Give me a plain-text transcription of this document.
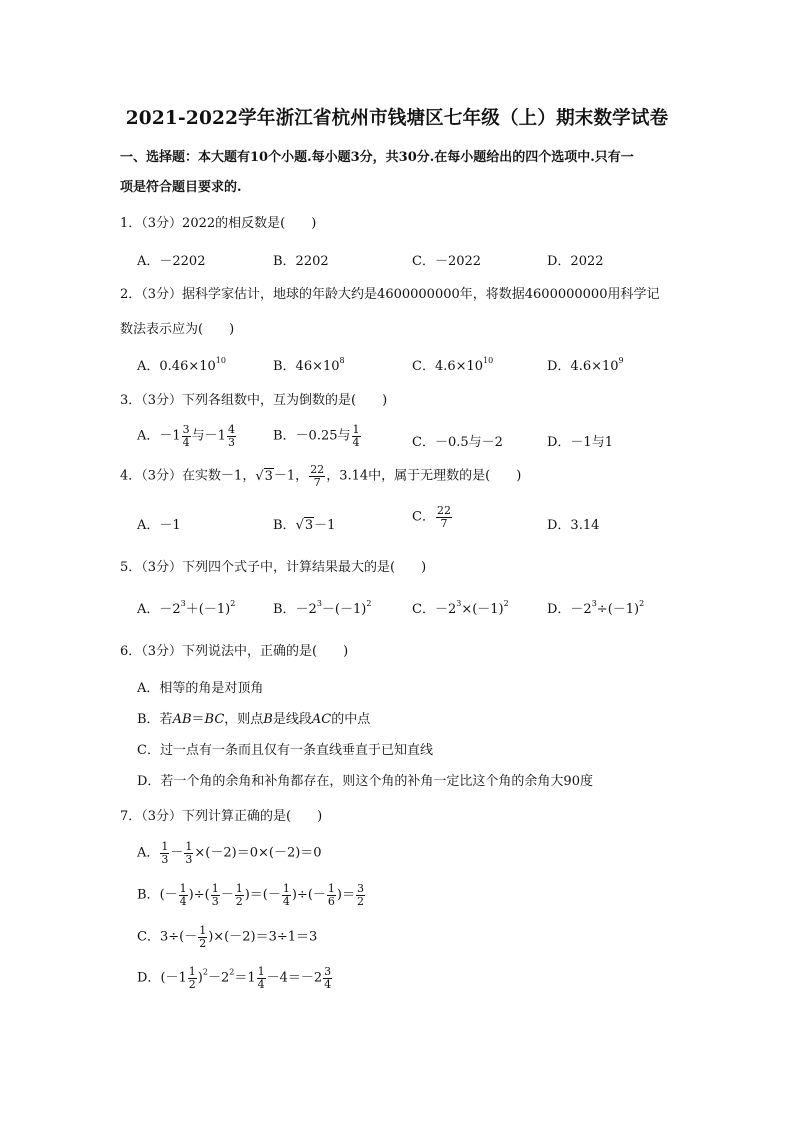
2021-2022学年浙江省杭州市钱塘区七年级（上）期末数学试卷
一、选择题：本大题有10个小题.每小题3分，共30分.在每小题给出的四个选项中.只有一
项是符合题目要求的.
1．（3分）2022的相反数是(　　)
A．－2202	B．2202	C．－2022	D．2022
2．（3分）据科学家估计，地球的年龄大约是4600000000年，将数据4600000000用科学记
数法表示应为(　　)
A．$0.46\times 10^{10}$	B．$46\times 10^8$	C．$4.6\times 10^{10}$	D．$4.6\times 10^9$
3．（3分）下列各组数中，互为倒数的是(　　)
A．$-1 \frac{3}{4}$ 与$-1 \frac{4}{3}$	B．－0.25与 $\frac{1}{4}$	C．－0.5与－2	D．－1与1
4．（3分）在实数－1，√3－1， $\frac{22}{7}$ ，3.14中，属于无理数的是(　　)
A．－1	B．√3－1
C． $\frac{22}{7}$	D．3.14
5．（3分）下列四个式子中，计算结果最大的是(　　)
A．$-2^3+(-1)^2$	B．$-2^3-(-1)^2$	C．$-2^3\times(-1)^2$	D．$-2^3\div(-1)^2$
6．（3分）下列说法中，正确的是(　　)
A．相等的角是对顶角
B．若AB＝BC，则点B是线段AC的中点
C．过一点有一条而且仅有一条直线垂直于已知直线
D．若一个角的余角和补角都存在，则这个角的补角一定比这个角的余角大90度
7．（3分）下列计算正确的是(　　)
A． $\frac{1}{3} - \frac{1}{3} \times(-2)=0\times(-2)=0$
B．(－ $\frac{1}{4}$ )÷( $\frac{1}{3} - \frac{1}{2}$ )＝(－ $\frac{1}{4}$ )÷(－ $\frac{1}{6}$ )＝ $\frac{3}{2}$
C．$3\div(- \frac{1}{2} )\times(-2)=3\div 1=3$
D．$(-1 \frac{1}{2} )^2-2^2=1 \frac{1}{4} -4=-2 \frac{3}{4}$
